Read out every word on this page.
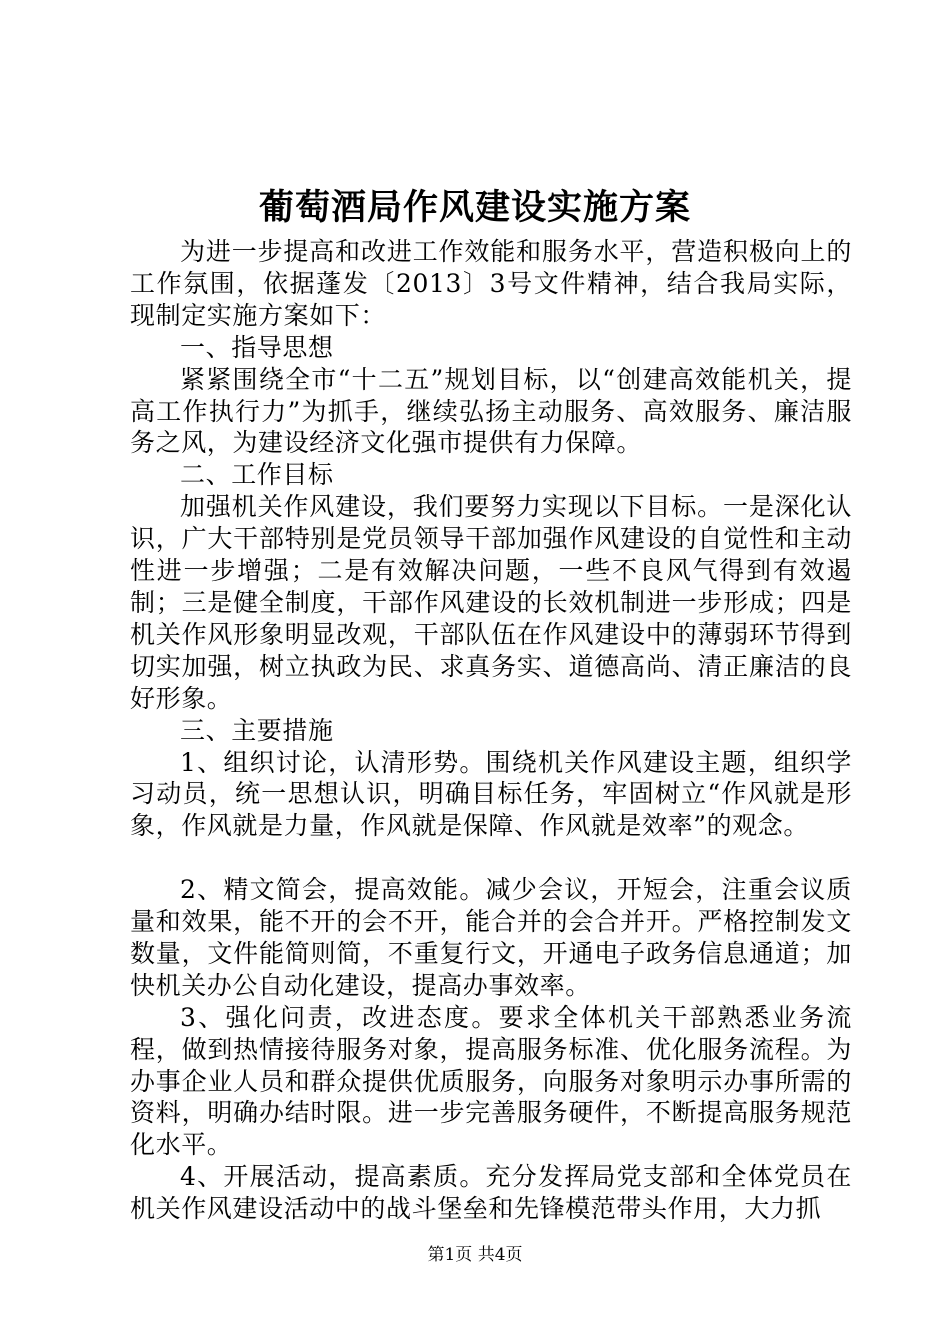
葡萄酒局作风建设实施方案

为进一步提高和改进工作效能和服务水平，营造积极向上的工作氛围，依据蓬发〔2013〕3号文件精神，结合我局实际，现制定实施方案如下：

一、指导思想

紧紧围绕全市“十二五”规划目标，以“创建高效能机关，提高工作执行力”为抓手，继续弘扬主动服务、高效服务、廉洁服务之风，为建设经济文化强市提供有力保障。

二、工作目标

加强机关作风建设，我们要努力实现以下目标。一是深化认识，广大干部特别是党员领导干部加强作风建设的自觉性和主动性进一步增强；二是有效解决问题，一些不良风气得到有效遏制；三是健全制度，干部作风建设的长效机制进一步形成；四是机关作风形象明显改观，干部队伍在作风建设中的薄弱环节得到切实加强，树立执政为民、求真务实、道德高尚、清正廉洁的良好形象。

三、主要措施

1、组织讨论，认清形势。围绕机关作风建设主题，组织学习动员，统一思想认识，明确目标任务，牢固树立“作风就是形象，作风就是力量，作风就是保障、作风就是效率”的观念。

2、精文简会，提高效能。减少会议，开短会，注重会议质量和效果，能不开的会不开，能合并的会合并开。严格控制发文数量，文件能简则简，不重复行文，开通电子政务信息通道；加快机关办公自动化建设，提高办事效率。

3、强化问责，改进态度。要求全体机关干部熟悉业务流程，做到热情接待服务对象，提高服务标准、优化服务流程。为办事企业人员和群众提供优质服务，向服务对象明示办事所需的资料，明确办结时限。进一步完善服务硬件，不断提高服务规范化水平。

4、开展活动，提高素质。充分发挥局党支部和全体党员在机关作风建设活动中的战斗堡垒和先锋模范带头作用，大力抓

第1页 共4页
